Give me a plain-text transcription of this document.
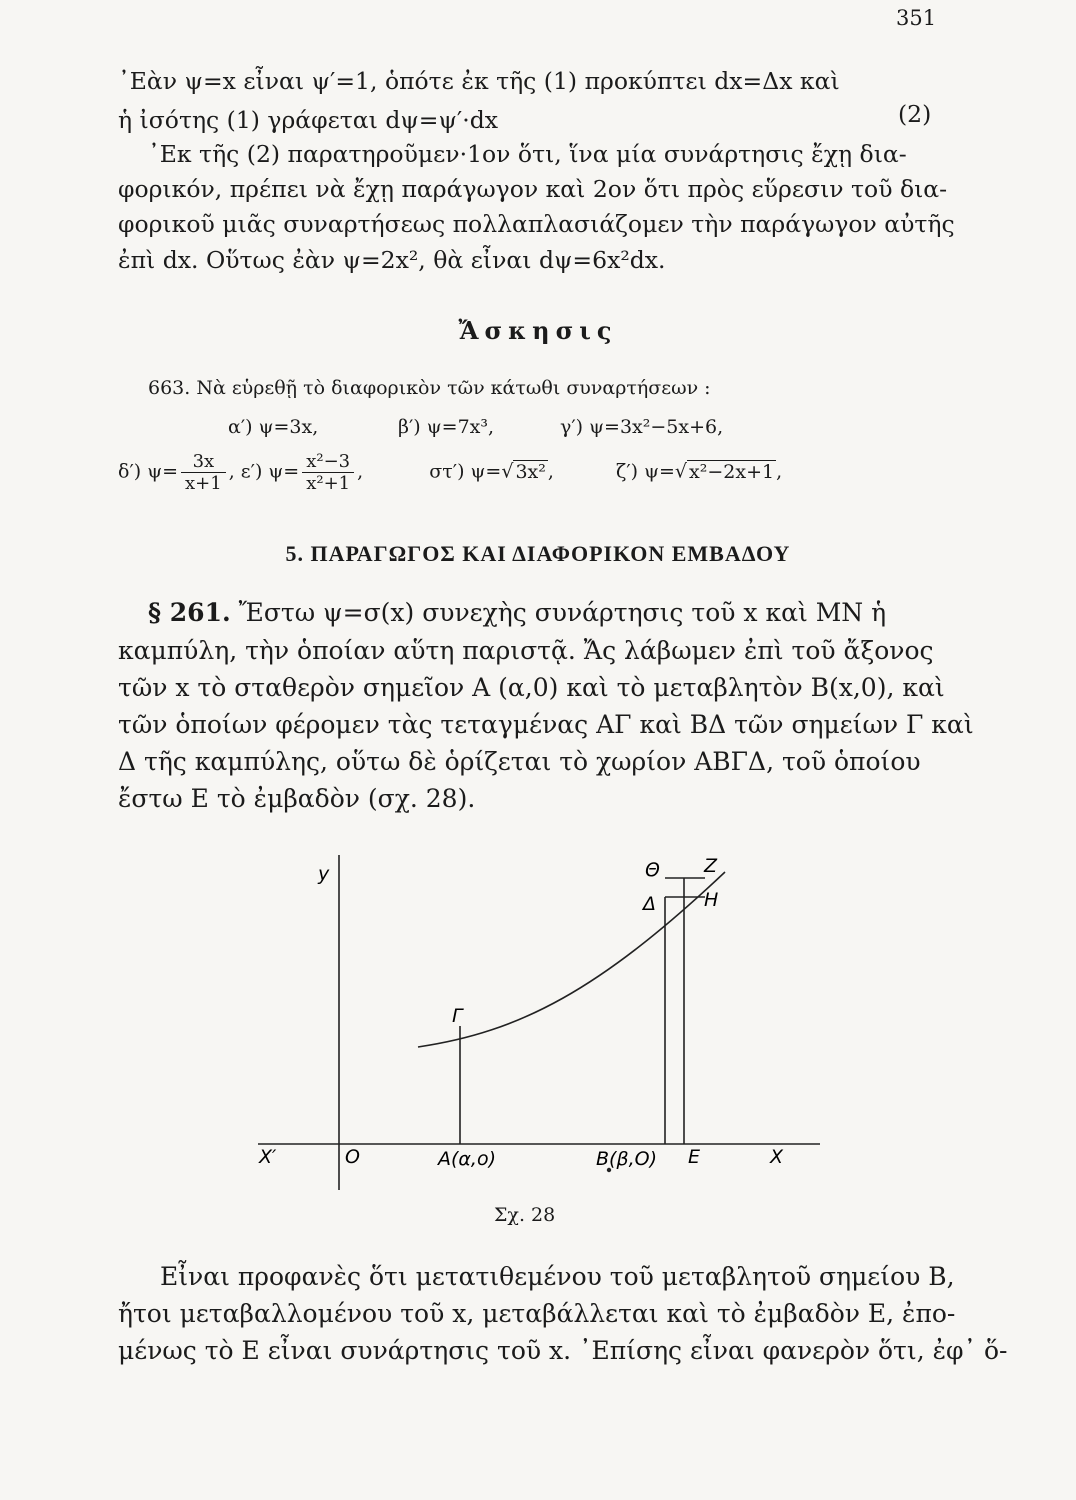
351
᾽Εὰν ψ=x εἶναι ψ′=1, ὁπότε ἐκ τῆς (1) προκύπτει dx=Δx καὶ
ἡ ἰσότης (1) γράφεται dψ=ψ′·dx	(2)
᾽Εκ τῆς (2) παρατηροῦμεν·1ον ὅτι, ἵνα μία συνάρτησις ἔχῃ δια-
φορικόν, πρέπει νὰ ἔχῃ παράγωγον καὶ 2ον ὅτι πρὸς εὕρεσιν τοῦ δια-
φορικοῦ μιᾶς συναρτήσεως πολλαπλασιάζομεν τὴν παράγωγον αὐτῆς
ἐπὶ dx. Οὕτως ἐὰν ψ=2x², θὰ εἶναι dψ=6x²dx.
Ἄσκησις
663. Νὰ εὑρεθῇ τὸ διαφορικὸν τῶν κάτωθι συναρτήσεων :
α′) ψ=3x,	β′) ψ=7x³,	γ′) ψ=3x²−5x+6,
δ′) $\psi= \frac{3x}{x+1}$ , ε′) $\psi= \frac{\text{x²−3}}{\text{x²+1}}$ ,	στ′) ψ=√ 3x² ,	ζ′) ψ=√ x²−2x+1 ,
5. ΠΑΡΑΓΩΓΟΣ ΚΑΙ ΔΙΑΦΟΡΙΚΟΝ ΕΜΒΑΔΟΥ
§ 261. Ἔστω ψ=σ(x) συνεχὴς συνάρτησις τοῦ x καὶ MN ἡ
καμπύλη, τὴν ὁποίαν αὕτη παριστᾷ. Ἄς λάβωμεν ἐπὶ τοῦ ἄξονος
τῶν x τὸ σταθερὸν σημεῖον A (α,0) καὶ τὸ μεταβλητὸν B(x,0), καὶ
τῶν ὁποίων φέρομεν τὰς τεταγμένας ΑΓ καὶ ΒΔ τῶν σημείων Γ καὶ
Δ τῆς καμπύλης, οὕτω δὲ ὁρίζεται τὸ χωρίον ΑΒΓΔ, τοῦ ὁποίου
ἔστω Ε τὸ ἐμβαδὸν (σχ. 28).
y
X′	O	A(α,o)	B(β,O) E	X
Γ
Δ
Θ Z
H
Σχ. 28
Εἶναι προφανὲς ὅτι μετατιθεμένου τοῦ μεταβλητοῦ σημείου Β,
ἤτοι μεταβαλλομένου τοῦ x, μεταβάλλεται καὶ τὸ ἐμβαδὸν Ε, ἐπο-
μένως τὸ Ε εἶναι συνάρτησις τοῦ x. ᾽Επίσης εἶναι φανερὸν ὅτι, ἐφ᾽ ὅ-
